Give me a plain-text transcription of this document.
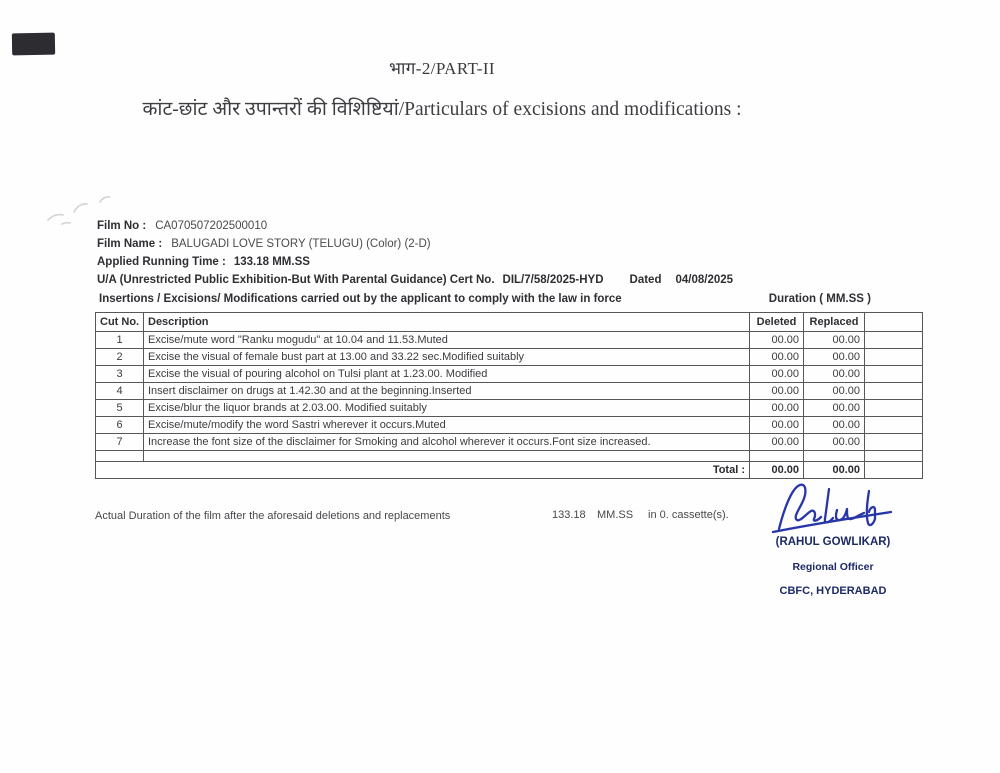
भाग-2/PART-II
कांट-छांट और उपान्तरों की विशिष्टियां/Particulars of excisions and modifications :
Film No : CA070507202500010
Film Name : BALUGADI LOVE STORY (TELUGU) (Color) (2-D)
Applied Running Time : 133.18 MM.SS
U/A (Unrestricted Public Exhibition-But With Parental Guidance) Cert No. DIL/7/58/2025-HYD Dated 04/08/2025
Insertions / Excisions/ Modifications carried out by the applicant to comply with the law in force	Duration ( MM.SS )
Cut No.	Description	Deleted	Replaced	
1	Excise/mute word "Ranku mogudu" at 10.04 and 11.53.Muted	00.00	00.00	
2	Excise the visual of female bust part at 13.00 and 33.22 sec.Modified suitably	00.00	00.00	
3	Excise the visual of pouring alcohol on Tulsi plant at 1.23.00. Modified	00.00	00.00	
4	Insert disclaimer on drugs at 1.42.30 and at the beginning.Inserted	00.00	00.00	
5	Excise/blur the liquor brands at 2.03.00. Modified suitably	00.00	00.00	
6	Excise/mute/modify the word Sastri wherever it occurs.Muted	00.00	00.00	
7	Increase the font size of the disclaimer for Smoking and alcohol wherever it occurs.Font size increased.	00.00	00.00	

Total :		00.00	00.00	
Actual Duration of the film after the aforesaid deletions and replacements	133.18 MM.SS in 0. cassette(s).
(RAHUL GOWLIKAR)
Regional Officer
CBFC, HYDERABAD
